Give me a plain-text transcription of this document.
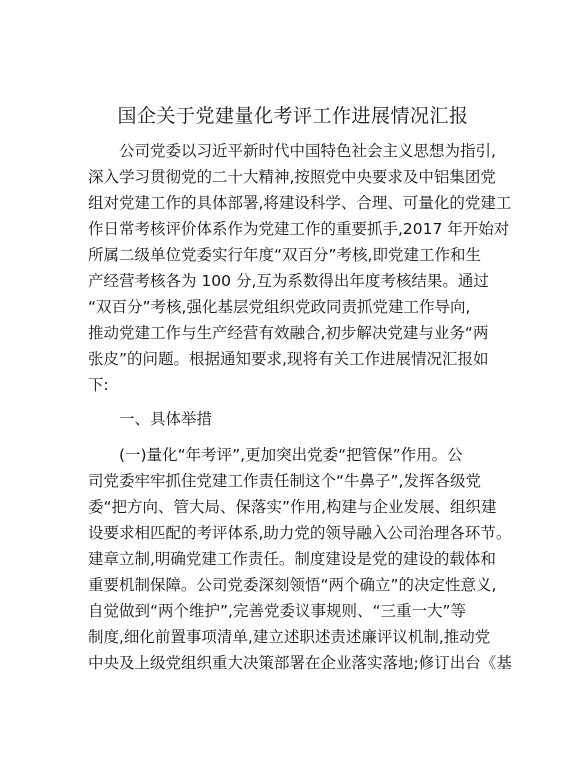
国企关于党建量化考评工作进展情况汇报
公司党委以习近平新时代中国特色社会主义思想为指引,
深入学习贯彻党的二十大精神,按照党中央要求及中铝集团党
组对党建工作的具体部署,将建设科学、合理、可量化的党建工
作日常考核评价体系作为党建工作的重要抓手,2017 年开始对
所属二级单位党委实行年度“双百分”考核,即党建工作和生
产经营考核各为 100 分,互为系数得出年度考核结果。通过
“双百分”考核,强化基层党组织党政同责抓党建工作导向,
推动党建工作与生产经营有效融合,初步解决党建与业务“两
张皮”的问题。根据通知要求,现将有关工作进展情况汇报如
下:
一、具体举措
(一)量化“年考评”,更加突出党委“把管保”作用。公
司党委牢牢抓住党建工作责任制这个“牛鼻子”,发挥各级党
委“把方向、管大局、保落实”作用,构建与企业发展、组织建
设要求相匹配的考评体系,助力党的领导融入公司治理各环节。
建章立制,明确党建工作责任。制度建设是党的建设的载体和
重要机制保障。公司党委深刻领悟“两个确立”的决定性意义,
自觉做到“两个维护”,完善党委议事规则、“三重一大”等
制度,细化前置事项清单,建立述职述责述廉评议机制,推动党
中央及上级党组织重大决策部署在企业落实落地;修订出台《基
